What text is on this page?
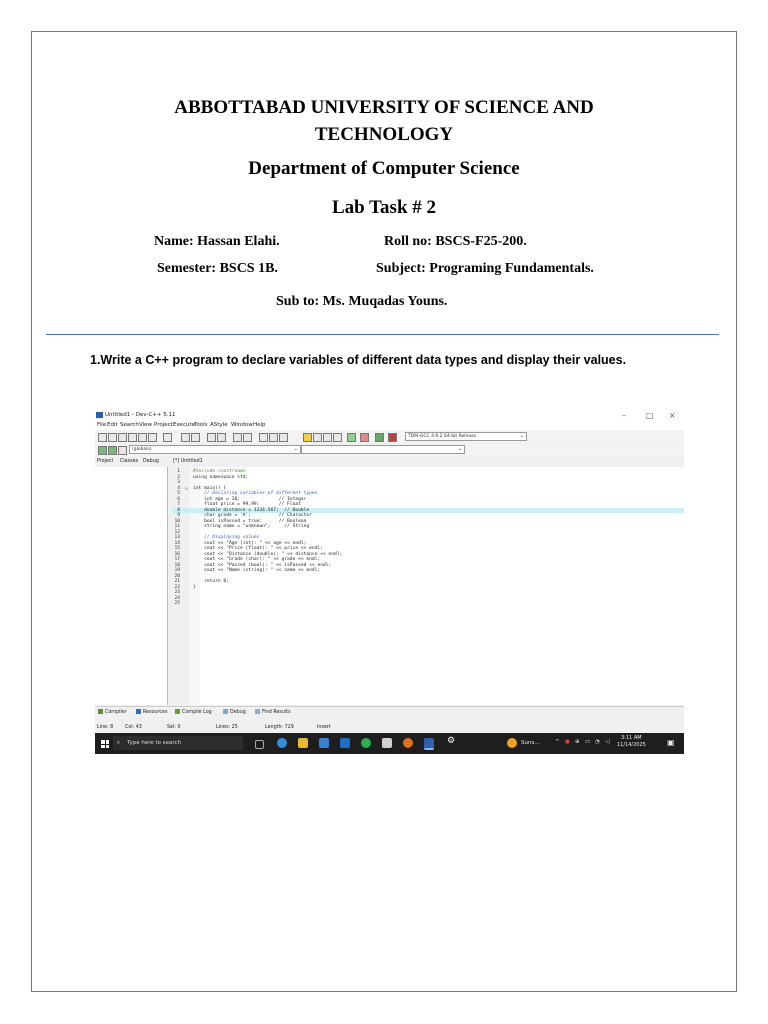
ABBOTTABAD UNIVERSITY OF SCIENCE AND
TECHNOLOGY
Department of Computer Science
Lab Task # 2
Name: Hassan Elahi.	Roll no: BSCS-F25-200.
Semester: BSCS 1B.	Subject: Programing Fundamentals.
Sub to: Ms. Muqadas Youns.
1.Write a C++ program to declare variables of different data types and display their values.
Untitled1 - Dev-C++ 5.11	–	□ ×
File Edit Search View Project Execute Tools AStyle Window Help
TDM-GCC 4.9.2 64-bit Release	⌄
(globals)	⌄	⌄
Project Classes Debug	[*] Untitled1
1	#include <iostream>
2	using namespace std;
3
4 ⊟ int main() {
5	// Declaring variables of different types
6	int age = 20;              // Integer
7	float price = 99.99;       // Float
8	double distance = 1234.567;  // Double
9	char grade = 'A';          // Character
10	bool isPassed = true;      // Boolean
11	string name = "unknown";     // String
12
13	// Displaying values
14	cout << "Age (int): " << age << endl;
15	cout << "Price (float): " << price << endl;
16	cout << "Distance (double): " << distance << endl;
17	cout << "Grade (char): " << grade << endl;
18	cout << "Passed (bool): " << isPassed << endl;
19	cout << "Name (string): " << name << endl;
20
21	return 0;
22	}
23
24
25
Compiler	Resources	Compile Log	Debug	Find Results
Line: 8 Col: 43	Sel: 0	Lines: 25	Length: 729	Insert
⌕ Type here to search	⚙	Suns...	^ ● ⊕ ▭ ◔ ◁
3:11 AM
11/14/2025	▣
